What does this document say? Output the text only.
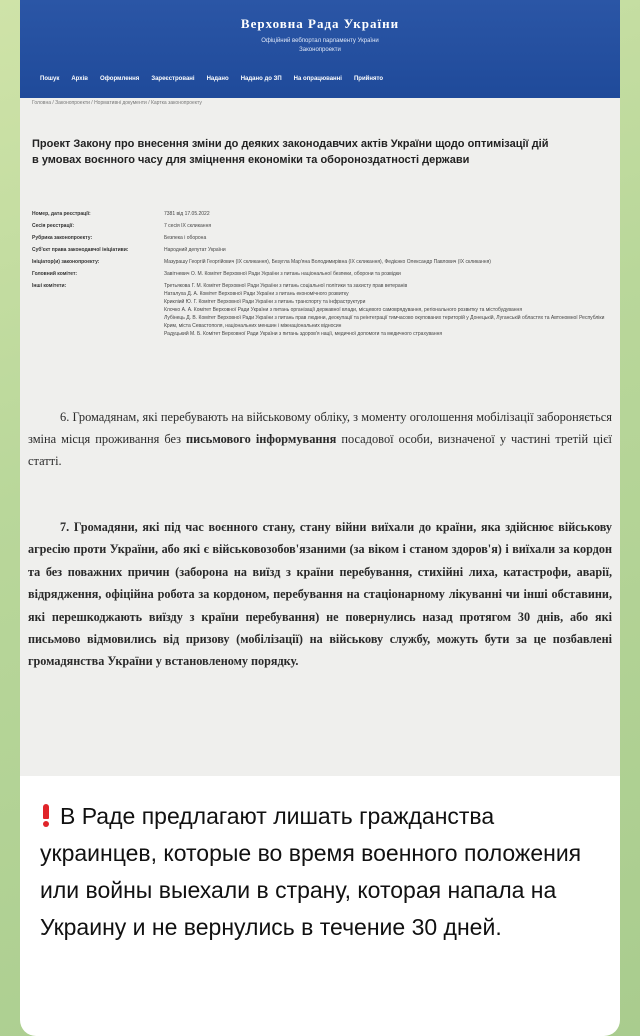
Верховна Рада України
Офіційний вебпортал парламенту України
Законопроекти
Пошук Архів Оформлення Зареєстровані Надано Надано до ЗП На опрацюванні Прийнято
Головна / Законопроекти / Нормативні документи / Картка законопроекту
Проект Закону про внесення зміни до деяких законодавчих актів України щодо оптимізації дій в умовах воєнного часу для зміцнення економіки та обороноздатності держави
Номер, дата реєстрації:	7381 від 17.05.2022
Сесія реєстрації:	7 сесія IX скликання
Рубрика законопроекту:	Безпека і оборона
Суб'єкт права законодавчої ініціативи:	Народний депутат України
Ініціатор(и) законопроекту:	Мазурашу Георгій Георгійович (IX скликання), Безугла Мар'яна Володимирівна (IX скликання), Федієнко Олександр Павлович (IX скликання)
Головний комітет:	Завітневич О. М. Комітет Верховної Ради України з питань національної безпеки, оборони та розвідки
Інші комітети:	Третьякова Г. М. Комітет Верховної Ради України з питань соціальної політики та захисту прав ветеранів
Наталуха Д. А. Комітет Верховної Ради України з питань економічного розвитку
Крикліий Ю. Г. Комітет Верховної Ради України з питань транспорту та інфраструктури
Клочко А. А. Комітет Верховної Ради України з питань організації державної влади, місцевого самоврядування, регіонального розвитку та містобудування
Лубінець Д. В. Комітет Верховної Ради України з питань прав людини, деокупації та реінтеграції тимчасово окупованих територій у Донецькій, Луганській областях та Автономної Республіки Крим, міста Севастополя, національних меншин і міжнаціональних відносин
Радуцький М. Б. Комітет Верховної Ради України з питань здоров'я нації, медичної допомоги та медичного страхування
6. Громадянам, які перебувають на військовому обліку, з моменту оголошення мобілізації забороняється зміна місця проживання без письмового інформування посадової особи, визначеної у частині третій цієї статті.
7. Громадяни, які під час воєнного стану, стану війни виїхали до країни, яка здійснює військову агресію проти України, або які є військовозобов'язаними (за віком і станом здоров'я) і виїхали за кордон та без поважних причин (заборона на виїзд з країни перебування, стихійні лиха, катастрофи, аварії, відрядження, офіційна робота за кордоном, перебування на стаціонарному лікуванні чи інші обставини, які перешкоджають виїзду з країни перебування) не повернулись назад протягом 30 днів, або які письмово відмовились від призову (мобілізації) на військову службу, можуть бути за це позбавлені громадянства України у встановленому порядку.
В Раде предлагают лишать гражданства украинцев, которые во время военного положения или войны выехали в страну, которая напала на Украину и не вернулись в течение 30 дней.
